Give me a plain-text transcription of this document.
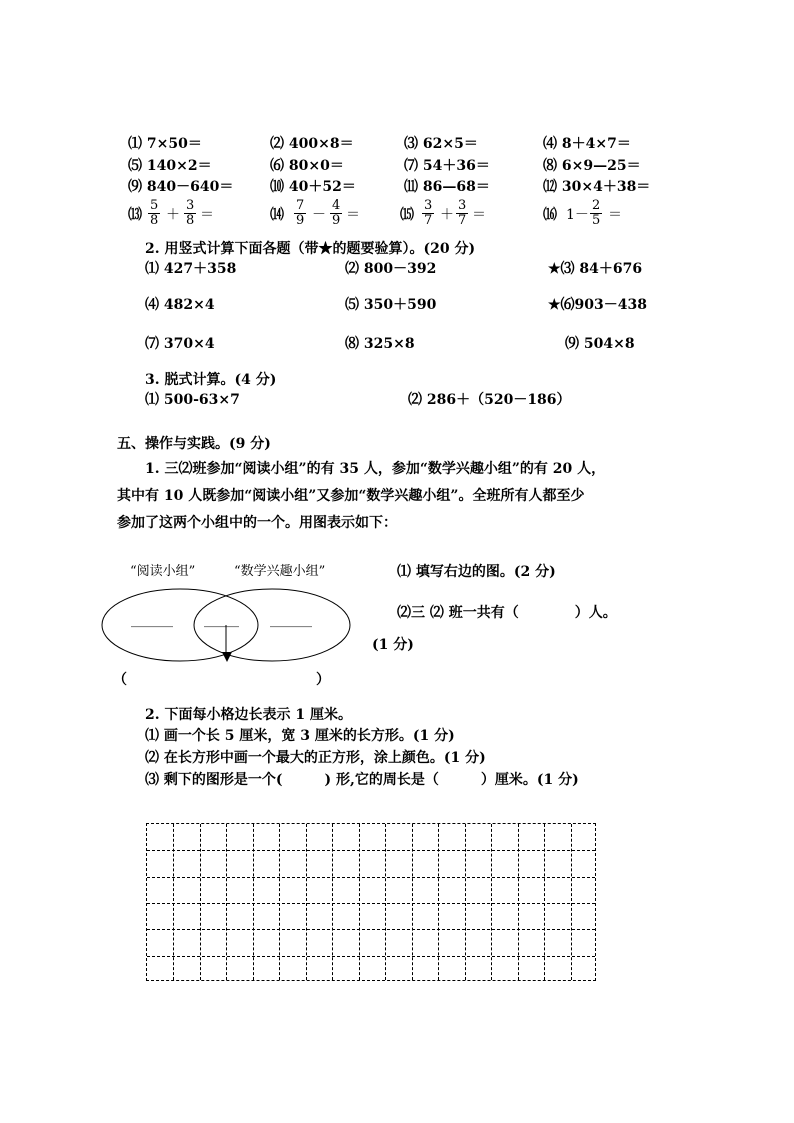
⑴ 7×50＝	⑵ 400×8＝	⑶ 62×5＝	⑷ 8＋4×7＝
⑸ 140×2＝	⑹ 80×0＝	⑺ 54＋36＝	⑻ 6×9—25＝
⑼ 840－640＝	⑽ 40＋52＝	⑾ 86—68＝	⑿ 30×4＋38＝
⒀ $\frac{5}{8} + \frac{3}{8}$ ＝	⒁ $\frac{7}{9} - \frac{4}{9}$ ＝	⒂ $\frac{3}{7} + \frac{3}{7}$ ＝	⒃ $1- \frac{2}{5}$ ＝
2. 用竖式计算下面各题（带★的题要验算）。(20 分)
⑴ 427＋358	⑵ 800－392	★⑶ 84＋676
⑷ 482×4	⑸ 350＋590	★⑹903－438
⑺ 370×4	⑻ 325×8	⑼ 504×8
3. 脱式计算。(4 分)
⑴ 500-63×7	⑵ 286＋（520－186）
五、操作与实践。(9 分)
1. 三⑵班参加“阅读小组”的有 35 人，参加“数学兴趣小组”的有 20 人，
其中有 10 人既参加“阅读小组”又参加“数学兴趣小组”。全班所有人都至少
参加了这两个小组中的一个。用图表示如下：
“阅读小组”	“数学兴趣小组”
______ _____ ______
⑴ 填写右边的图。(2 分)
⑵三 ⑵ 班一共有（　　　　）人。
(1 分)
（	）
2. 下面每小格边长表示 1 厘米。
⑴ 画一个长 5 厘米，宽 3 厘米的长方形。(1 分)
⑵ 在长方形中画一个最大的正方形，涂上颜色。(1 分)
⑶ 剩下的图形是一个(　　　) 形,它的周长是（　　　）厘米。(1 分)
